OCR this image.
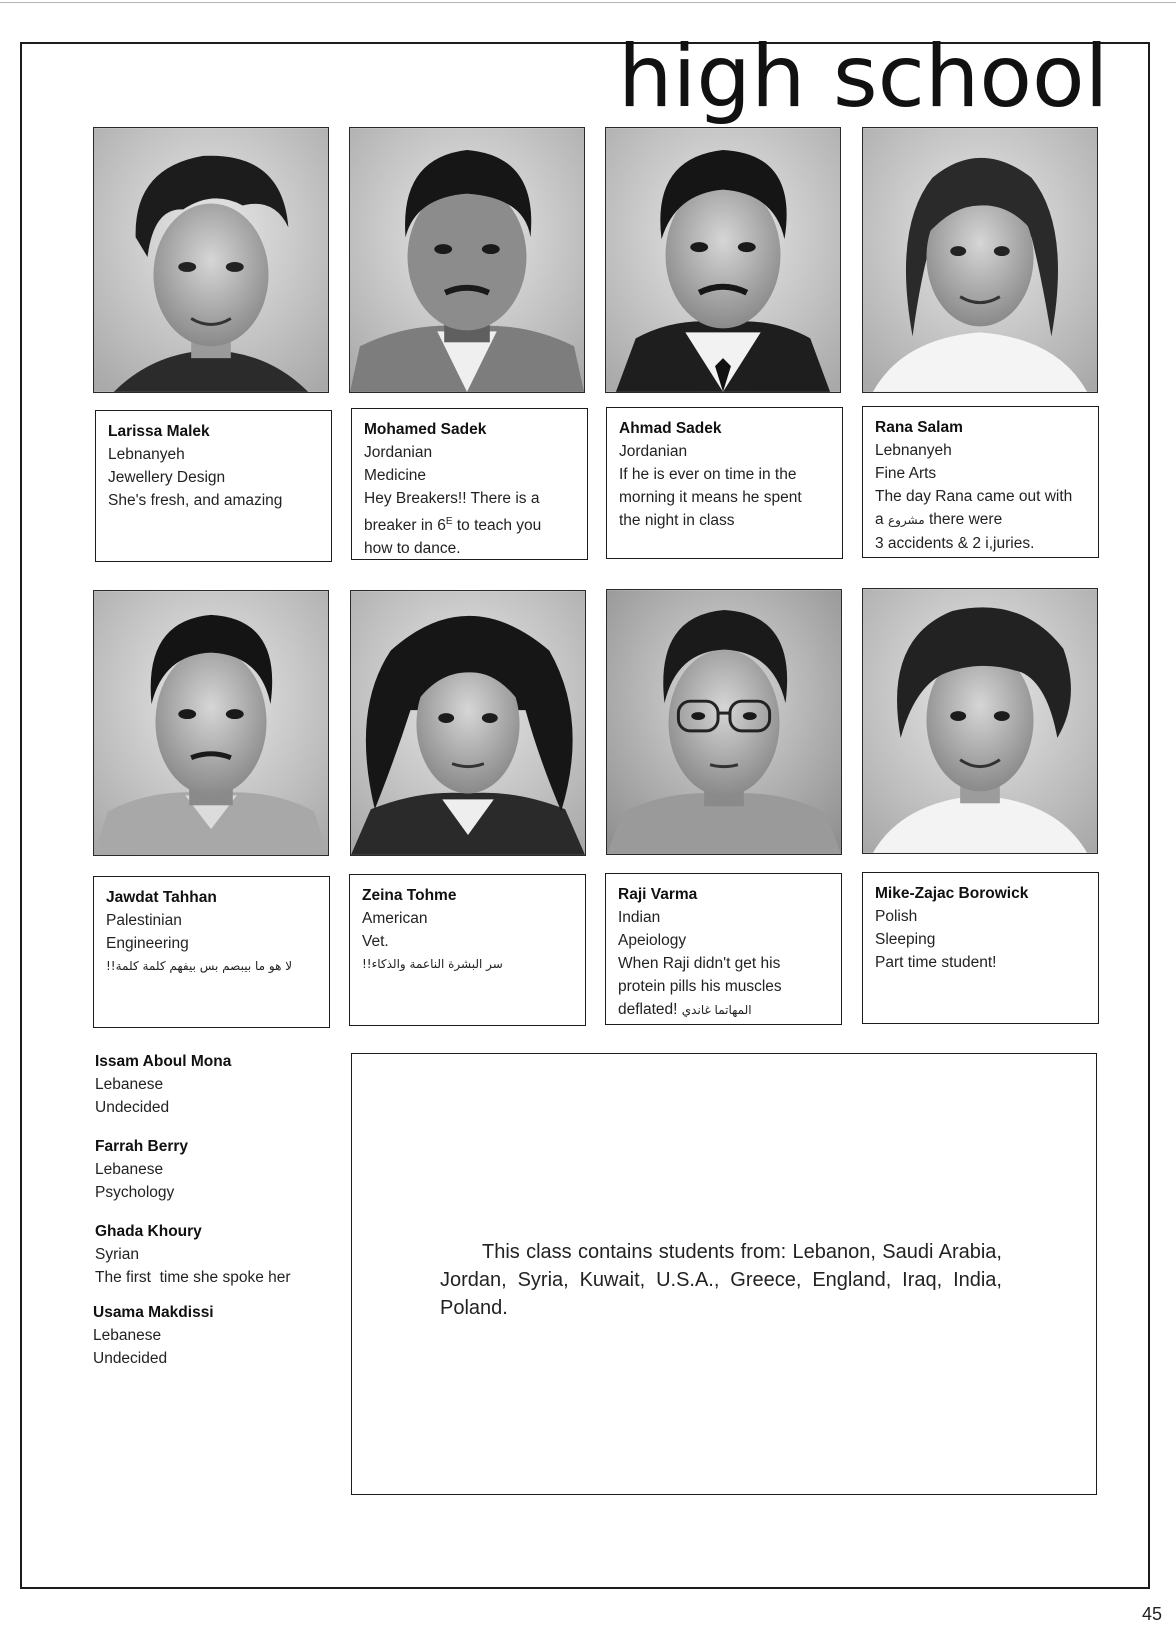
high school
Larissa Malek
Lebnanyeh
Jewellery Design
She's fresh, and amazing
Mohamed Sadek
Jordanian
Medicine
Hey Breakers!! There is a
breaker in $6^E$ to teach you
how to dance.
Ahmad Sadek
Jordanian
If he is ever on time in the
morning it means he spent
the night in class
Rana Salam
Lebnanyeh
Fine Arts
The day Rana came out with
a مشروع there were
3 accidents & 2 i,juries.
Jawdat Tahhan
Palestinian
Engineering
لا هو ما بيبصم بس بيفهم كلمة كلمة!!
Zeina Tohme
American
Vet.
سر البشرة الناعمة والذكاء!!
Raji Varma
Indian
Apeiology
When Raji didn't get his
protein pills his muscles
deflated! المهاتما غاندي
Mike-Zajac Borowick
Polish
Sleeping
Part time student!
Issam Aboul Mona
Lebanese
Undecided
Farrah Berry
Lebanese
Psychology
Ghada Khoury
Syrian
The first  time she spoke her
Usama Makdissi
Lebanese
Undecided
This class contains students from: Lebanon, Saudi Arabia, Jordan, Syria, Kuwait, U.S.A., Greece, England, Iraq, India, Poland.
45
